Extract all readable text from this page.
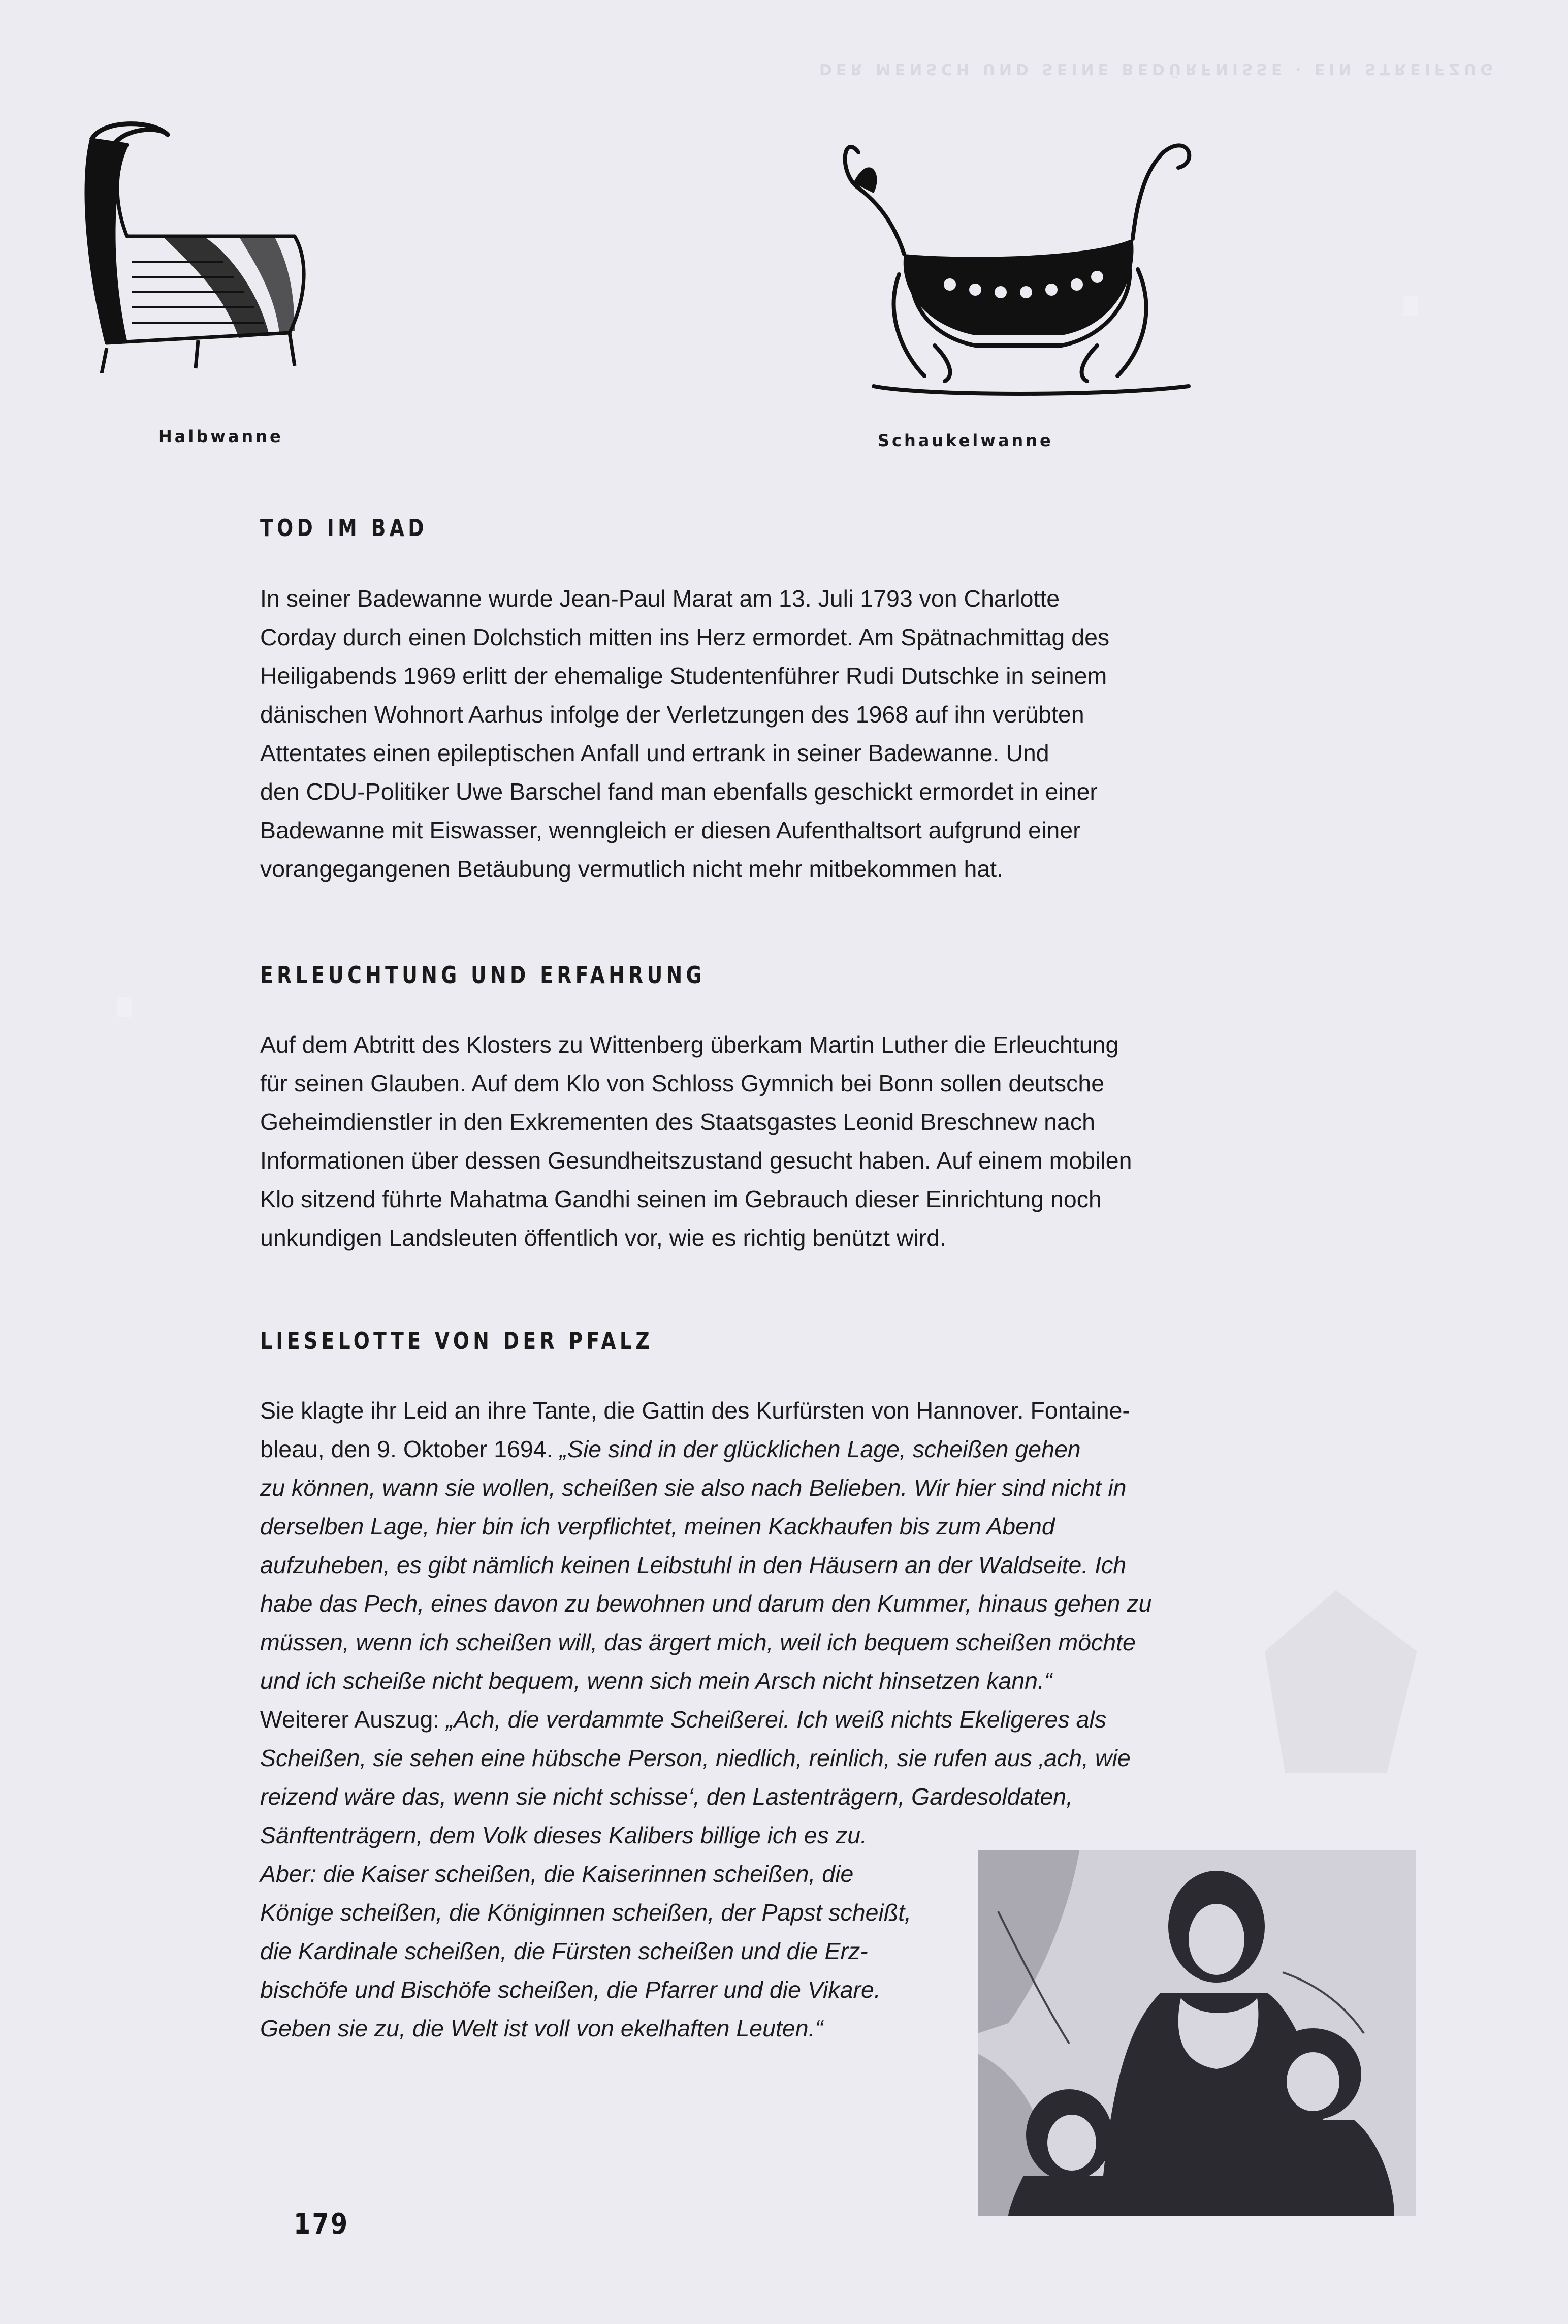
DER MENSCH UND SEINE BEDÜRFNISSE · EIN STREIFZUG
Halbwanne	Schaukelwanne
TOD IM BAD
In seiner Badewanne wurde Jean-Paul Marat am 13. Juli 1793 von Charlotte
Corday durch einen Dolchstich mitten ins Herz ermordet. Am Spätnachmittag des
Heiligabends 1969 erlitt der ehemalige Studentenführer Rudi Dutschke in seinem
dänischen Wohnort Aarhus infolge der Verletzungen des 1968 auf ihn verübten
Attentates einen epileptischen Anfall und ertrank in seiner Badewanne. Und
den CDU-Politiker Uwe Barschel fand man ebenfalls geschickt ermordet in einer
Badewanne mit Eiswasser, wenngleich er diesen Aufenthaltsort aufgrund einer
vorangegangenen Betäubung vermutlich nicht mehr mitbekommen hat.
ERLEUCHTUNG UND ERFAHRUNG
Auf dem Abtritt des Klosters zu Wittenberg überkam Martin Luther die Erleuchtung
für seinen Glauben. Auf dem Klo von Schloss Gymnich bei Bonn sollen deutsche
Geheimdienstler in den Exkrementen des Staatsgastes Leonid Breschnew nach
Informationen über dessen Gesundheitszustand gesucht haben. Auf einem mobilen
Klo sitzend führte Mahatma Gandhi seinen im Gebrauch dieser Einrichtung noch
unkundigen Landsleuten öffentlich vor, wie es richtig benützt wird.
LIESELOTTE VON DER PFALZ
Sie klagte ihr Leid an ihre Tante, die Gattin des Kurfürsten von Hannover. Fontaine-
bleau, den 9. Oktober 1694. „Sie sind in der glücklichen Lage, scheißen gehen
zu können, wann sie wollen, scheißen sie also nach Belieben. Wir hier sind nicht in
derselben Lage, hier bin ich verpflichtet, meinen Kackhaufen bis zum Abend
aufzuheben, es gibt nämlich keinen Leibstuhl in den Häusern an der Waldseite. Ich
habe das Pech, eines davon zu bewohnen und darum den Kummer, hinaus gehen zu
müssen, wenn ich scheißen will, das ärgert mich, weil ich bequem scheißen möchte
und ich scheiße nicht bequem, wenn sich mein Arsch nicht hinsetzen kann.“
Weiterer Auszug: „Ach, die verdammte Scheißerei. Ich weiß nichts Ekeligeres als
Scheißen, sie sehen eine hübsche Person, niedlich, reinlich, sie rufen aus ‚ach, wie
reizend wäre das, wenn sie nicht schisse‘, den Lastenträgern, Gardesoldaten,
Sänftenträgern, dem Volk dieses Kalibers billige ich es zu.
Aber: die Kaiser scheißen, die Kaiserinnen scheißen, die
Könige scheißen, die Königinnen scheißen, der Papst scheißt,
die Kardinale scheißen, die Fürsten scheißen und die Erz-
bischöfe und Bischöfe scheißen, die Pfarrer und die Vikare.
Geben sie zu, die Welt ist voll von ekelhaften Leuten.“
179
